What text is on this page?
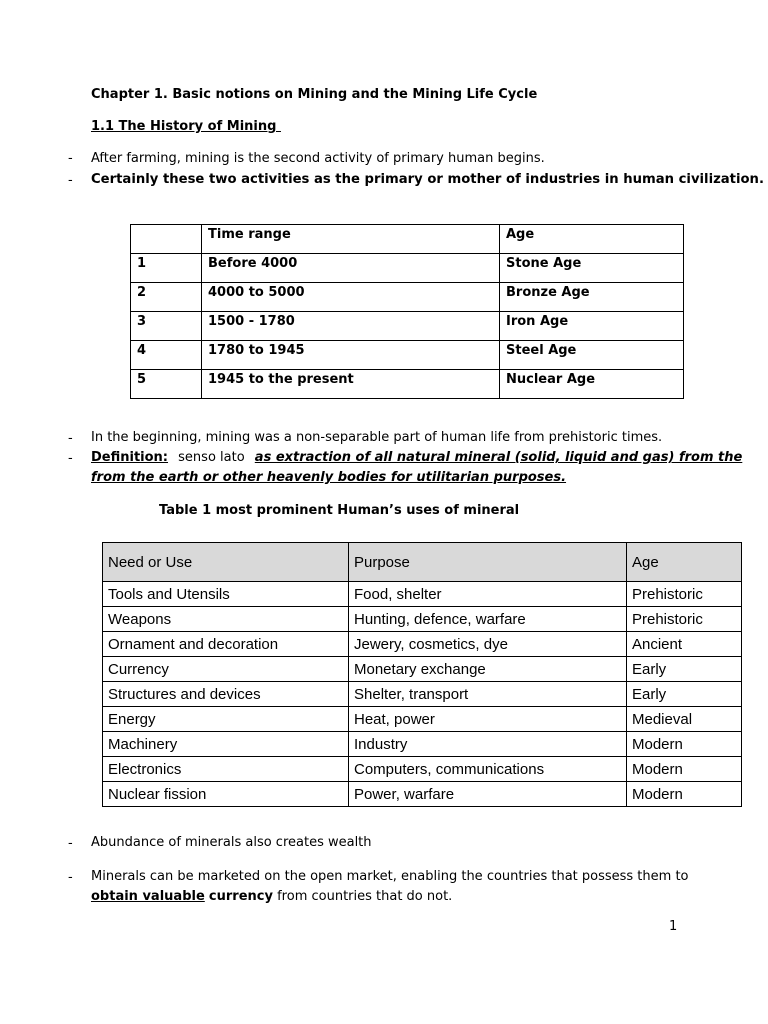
Chapter 1. Basic notions on Mining and the Mining Life Cycle
1.1 The History of Mining
- After farming, mining is the second activity of primary human begins.
- Certainly these two activities as the primary or mother of industries in human civilization.
	Time range	Age
1	Before 4000	Stone Age
2	4000 to 5000	Bronze Age
3	1500 - 1780	Iron Age
4	1780 to 1945	Steel Age
5	1945 to the present	Nuclear Age
- In the beginning, mining was a non-separable part of human life from prehistoric times.
- Definition: senso lato as extraction of all natural mineral (solid, liquid and gas) from the
from the earth or other heavenly bodies for utilitarian purposes.
Table 1 most prominent Human’s uses of mineral
Need or Use	Purpose	Age
Tools and Utensils	Food, shelter	Prehistoric
Weapons	Hunting, defence, warfare	Prehistoric
Ornament and decoration	Jewery, cosmetics, dye	Ancient
Currency	Monetary exchange	Early
Structures and devices	Shelter, transport	Early
Energy	Heat, power	Medieval
Machinery	Industry	Modern
Electronics	Computers, communications	Modern
Nuclear fission	Power, warfare	Modern
- Abundance of minerals also creates wealth
- Minerals can be marketed on the open market, enabling the countries that possess them to
obtain valuable currency from countries that do not.
1
